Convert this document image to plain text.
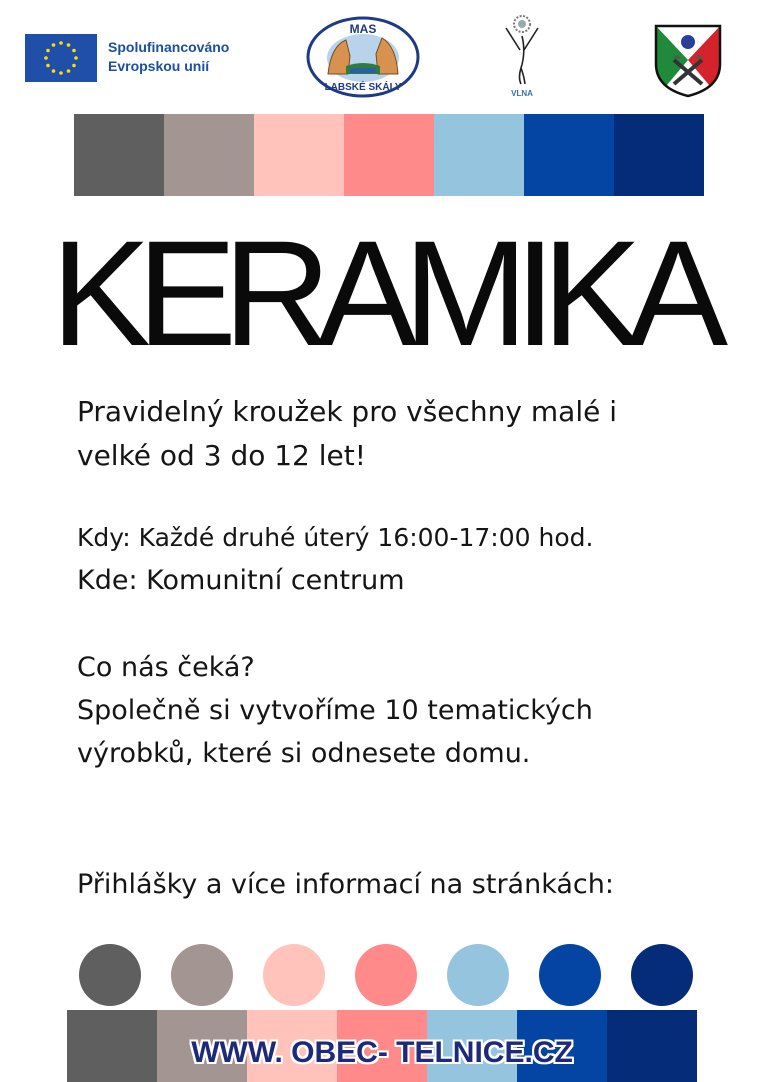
Spolufinancováno
Evropskou unií
MAS
LABSKÉ SKÁLY
VLNA
KERAMIKA
Pravidelný kroužek pro všechny malé i
velké od 3 do 12 let!
Kdy: Každé druhé úterý 16:00-17:00 hod.
Kde: Komunitní centrum
Co nás čeká?
Společně si vytvoříme 10 tematických
výrobků, které si odnesete domu.
Přihlášky a více informací na stránkách:
WWW. OBEC- TELNICE.CZ
